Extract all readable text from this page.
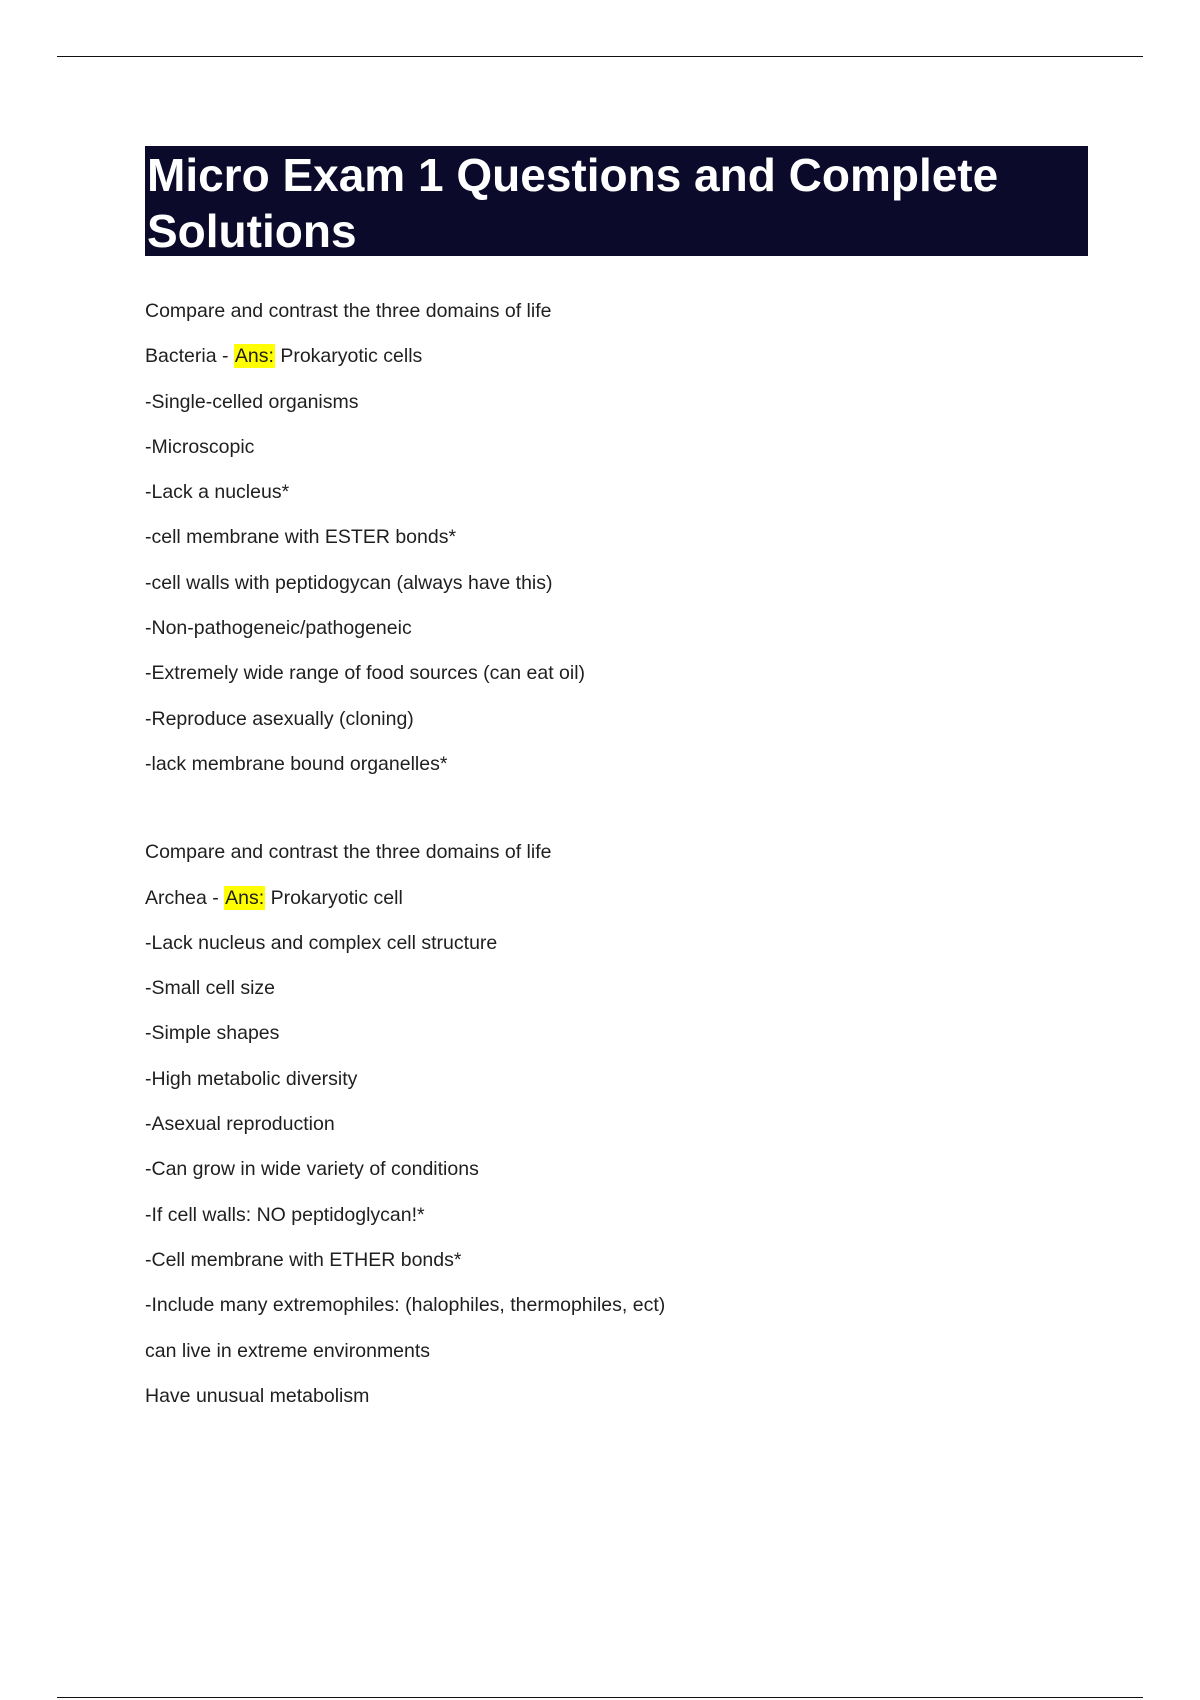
Micro Exam 1 Questions and Complete Solutions

Compare and contrast the three domains of life

Bacteria - Ans: Prokaryotic cells

-Single-celled organisms

-Microscopic

-Lack a nucleus*

-cell membrane with ESTER bonds*

-cell walls with peptidogycan (always have this)

-Non-pathogeneic/pathogeneic

-Extremely wide range of food sources (can eat oil)

-Reproduce asexually (cloning)

-lack membrane bound organelles*

Compare and contrast the three domains of life

Archea - Ans: Prokaryotic cell

-Lack nucleus and complex cell structure

-Small cell size

-Simple shapes

-High metabolic diversity

-Asexual reproduction

-Can grow in wide variety of conditions

-If cell walls: NO peptidoglycan!*

-Cell membrane with ETHER bonds*

-Include many extremophiles: (halophiles, thermophiles, ect)

can live in extreme environments

Have unusual metabolism
